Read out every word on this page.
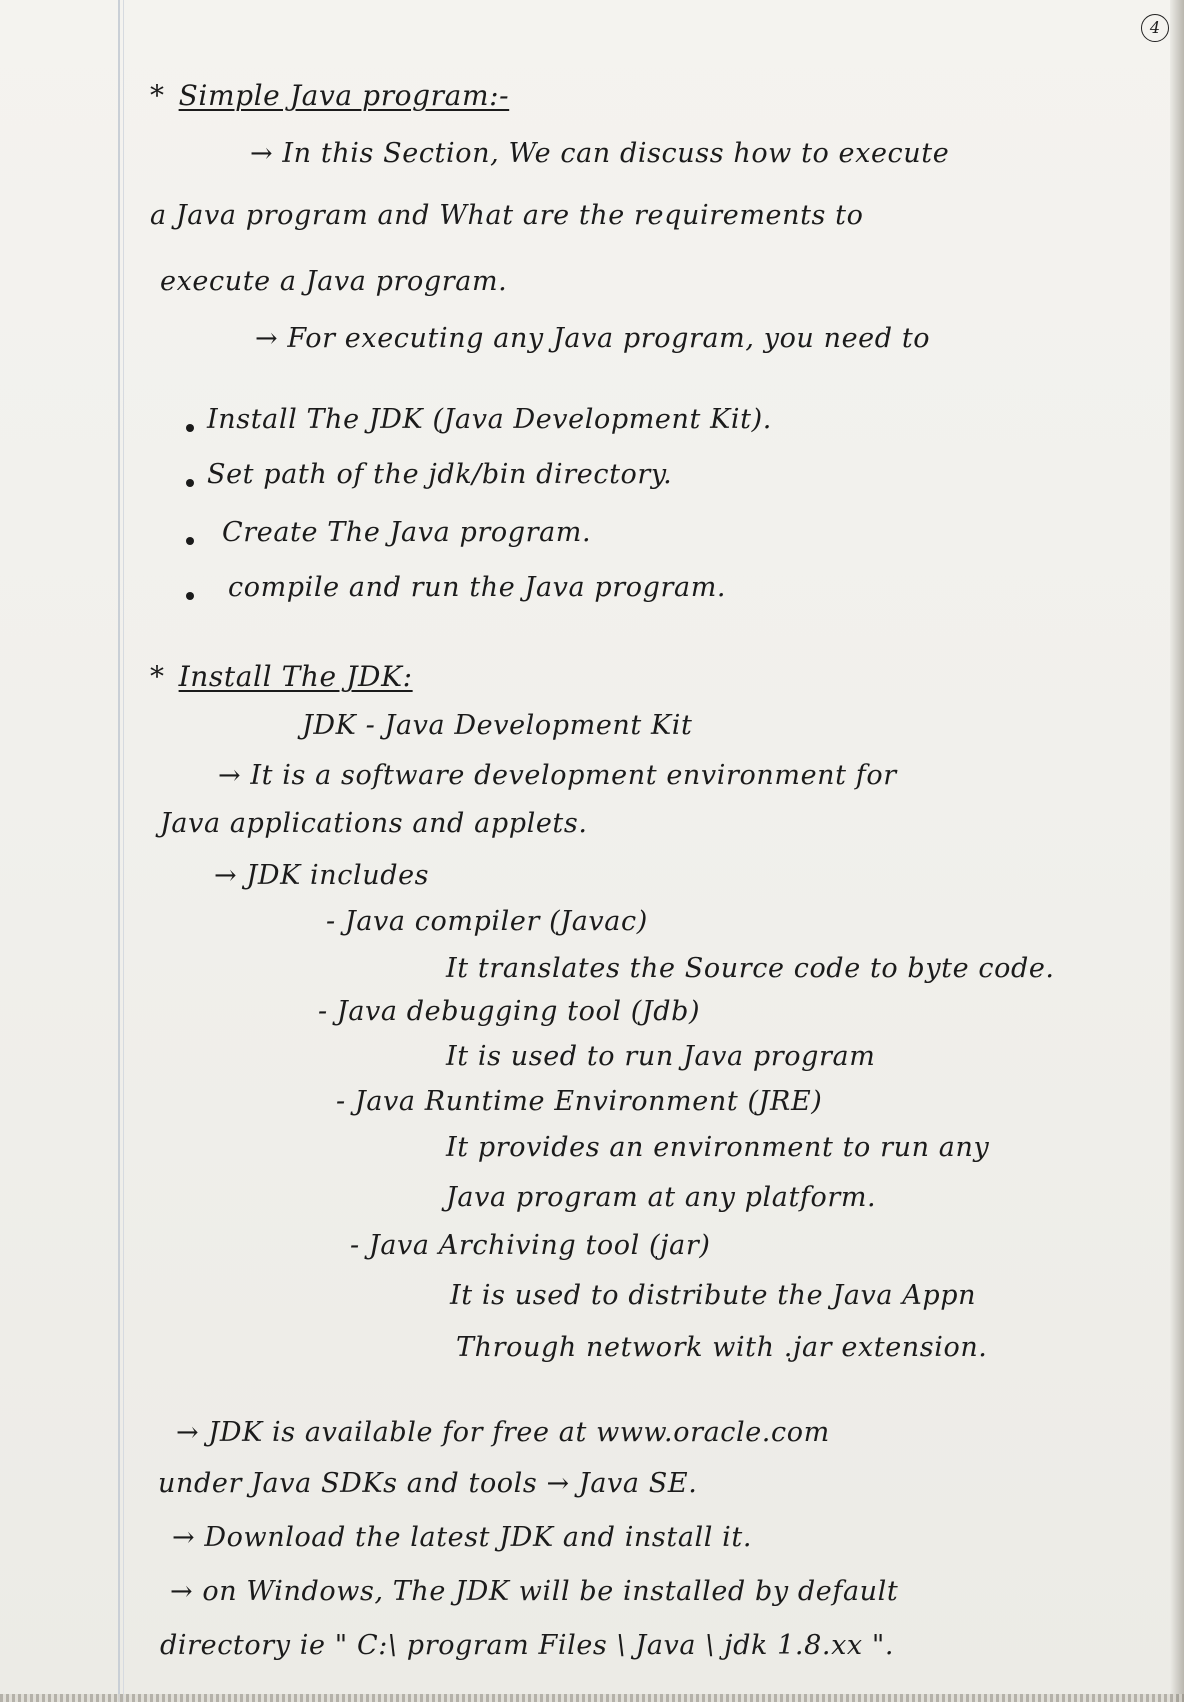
4
* Simple Java program:-
→ In this Section, We can discuss how to execute
a Java program and What are the requirements to
execute a Java program.
→ For executing any Java program, you need to
Install The JDK (Java Development Kit).
Set path of the jdk/bin directory.
Create The Java program.
compile and run the Java program.
* Install The JDK:
JDK - Java Development Kit
→ It is a software development environment for
Java applications and applets.
→ JDK includes
- Java compiler (Javac)
It translates the Source code to byte code.
- Java debugging tool (Jdb)
It is used to run Java program
- Java Runtime Environment (JRE)
It provides an environment to run any
Java program at any platform.
- Java Archiving tool (jar)
It is used to distribute the Java Appn
Through network with .jar extension.
→ JDK is available for free at www.oracle.com
under Java SDKs and tools → Java SE.
→ Download the latest JDK and install it.
→ on Windows, The JDK will be installed by default
directory ie " C:\ program Files \ Java \ jdk 1.8.xx ".
